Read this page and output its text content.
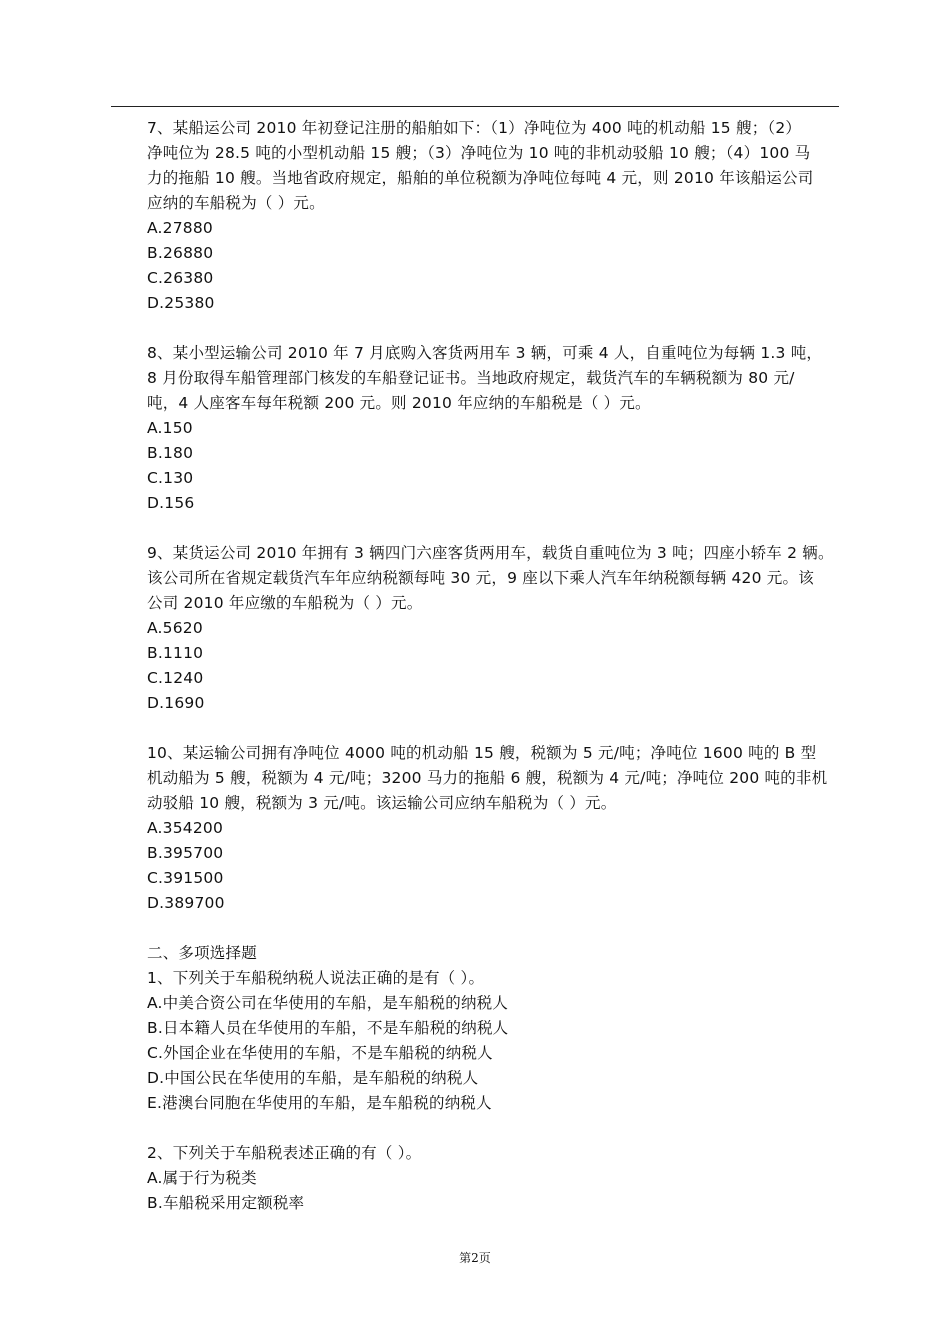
7、某船运公司 2010 年初登记注册的船舶如下：（1）净吨位为 400 吨的机动船 15 艘；（2）

净吨位为 28.5 吨的小型机动船 15 艘；（3）净吨位为 10 吨的非机动驳船 10 艘；（4）100 马

力的拖船 10 艘。当地省政府规定，船舶的单位税额为净吨位每吨 4 元，则 2010 年该船运公司

应纳的车船税为（ ）元。

A.27880

B.26880

C.26380

D.25380

8、某小型运输公司 2010 年 7 月底购入客货两用车 3 辆，可乘 4 人，自重吨位为每辆 1.3 吨，

8 月份取得车船管理部门核发的车船登记证书。当地政府规定，载货汽车的车辆税额为 80 元/

吨，4 人座客车每年税额 200 元。则 2010 年应纳的车船税是（ ）元。

A.150

B.180

C.130

D.156

9、某货运公司 2010 年拥有 3 辆四门六座客货两用车，载货自重吨位为 3 吨；四座小轿车 2 辆。

该公司所在省规定载货汽车年应纳税额每吨 30 元，9 座以下乘人汽车年纳税额每辆 420 元。该

公司 2010 年应缴的车船税为（ ）元。

A.5620

B.1110

C.1240

D.1690

10、某运输公司拥有净吨位 4000 吨的机动船 15 艘，税额为 5 元/吨；净吨位 1600 吨的 B 型

机动船为 5 艘，税额为 4 元/吨；3200 马力的拖船 6 艘，税额为 4 元/吨；净吨位 200 吨的非机

动驳船 10 艘，税额为 3 元/吨。该运输公司应纳车船税为（ ）元。

A.354200

B.395700

C.391500

D.389700

二、多项选择题

1、下列关于车船税纳税人说法正确的是有（ ）。

A.中美合资公司在华使用的车船，是车船税的纳税人

B.日本籍人员在华使用的车船，不是车船税的纳税人

C.外国企业在华使用的车船，不是车船税的纳税人

D.中国公民在华使用的车船，是车船税的纳税人

E.港澳台同胞在华使用的车船，是车船税的纳税人

2、下列关于车船税表述正确的有（ ）。

A.属于行为税类

B.车船税采用定额税率

第2页
